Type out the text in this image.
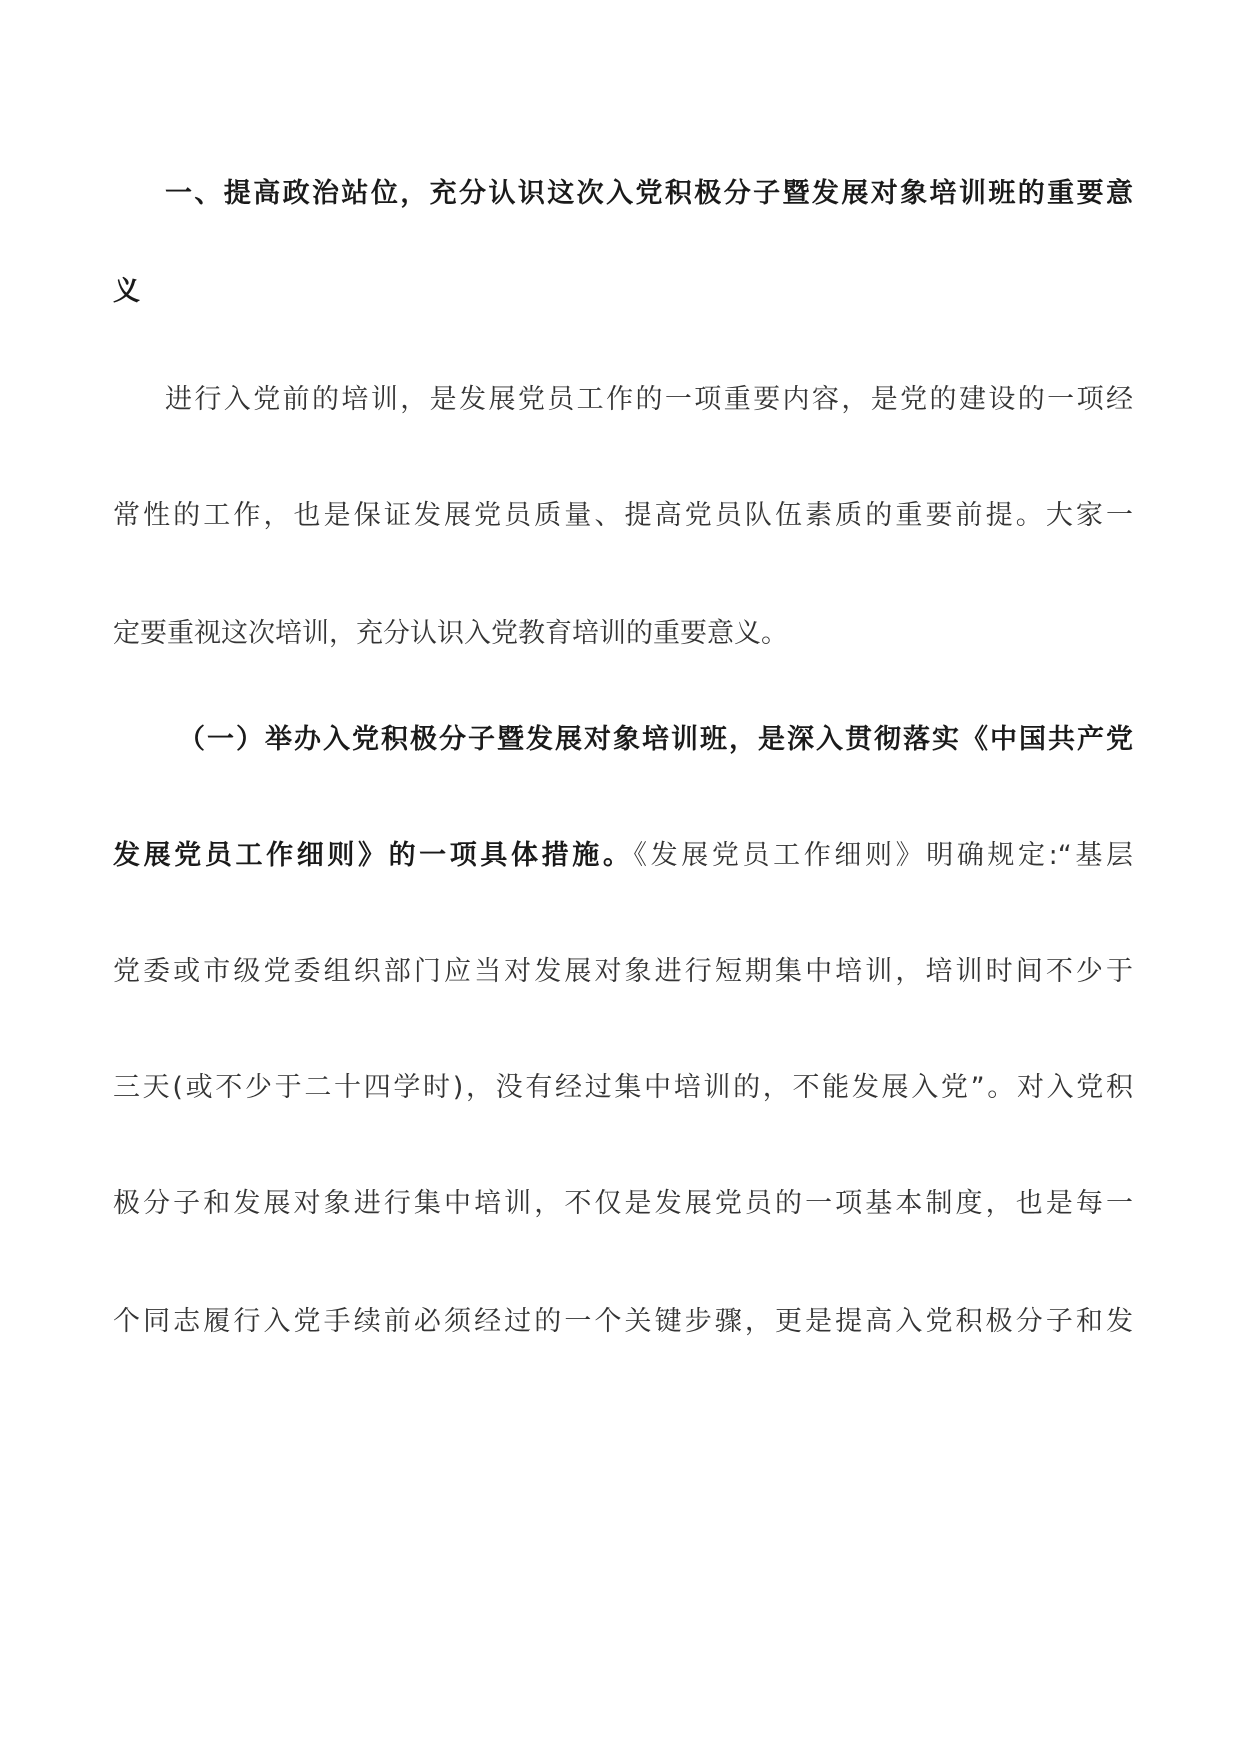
一、提高政治站位，充分认识这次入党积极分子暨发展对象培训班的重要意
义
进行入党前的培训，是发展党员工作的一项重要内容，是党的建设的一项经
常性的工作，也是保证发展党员质量、提高党员队伍素质的重要前提。大家一
定要重视这次培训，充分认识入党教育培训的重要意义。
（一）举办入党积极分子暨发展对象培训班，是深入贯彻落实《中国共产党
发展党员工作细则》的一项具体措施。《发展党员工作细则》明确规定:“基层
党委或市级党委组织部门应当对发展对象进行短期集中培训，培训时间不少于
三天(或不少于二十四学时)，没有经过集中培训的，不能发展入党”。对入党积
极分子和发展对象进行集中培训，不仅是发展党员的一项基本制度，也是每一
个同志履行入党手续前必须经过的一个关键步骤，更是提高入党积极分子和发
